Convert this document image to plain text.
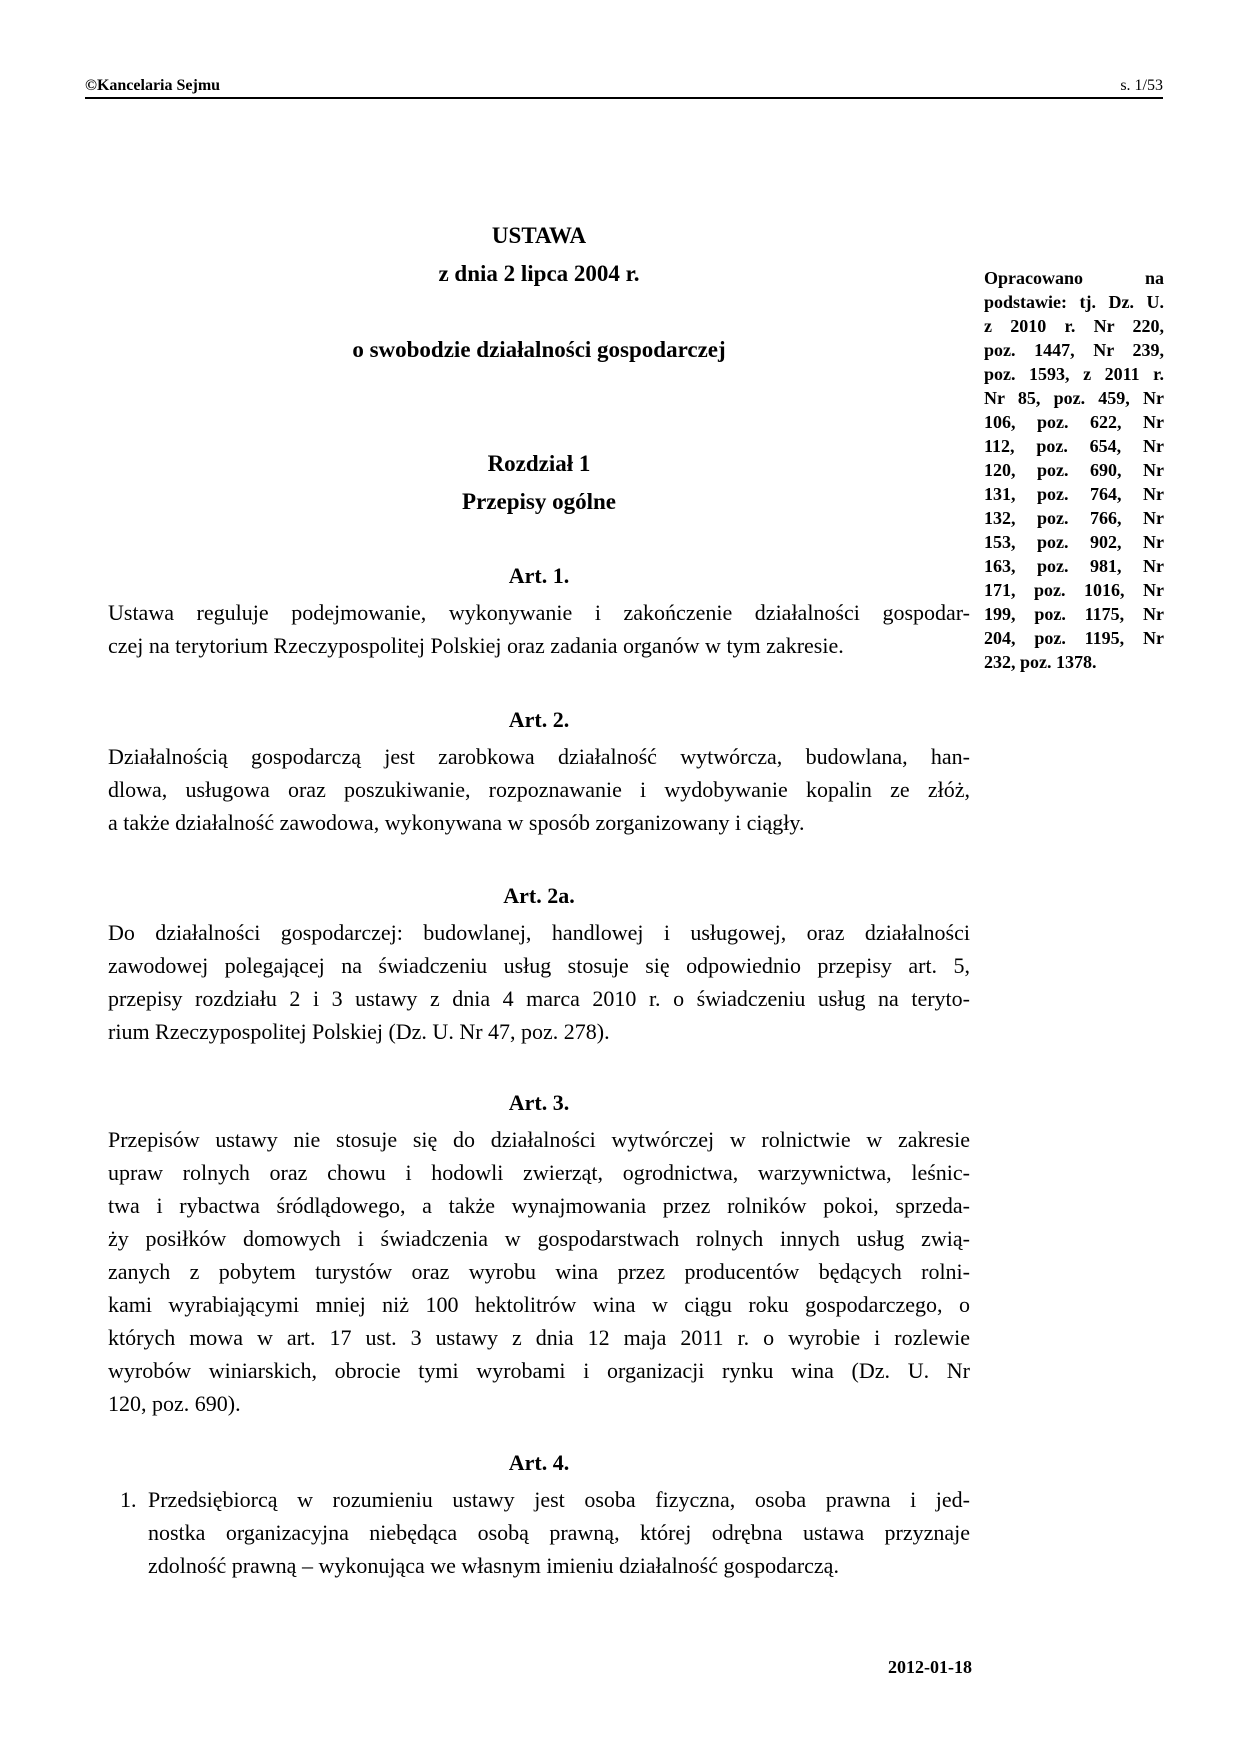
©Kancelaria Sejmu	s. 1/53
USTAWA
z dnia 2 lipca 2004 r.
o swobodzie działalności gospodarczej
Opracowano na
podstawie: tj. Dz. U.
z 2010 r. Nr 220,
poz. 1447, Nr 239,
poz. 1593, z 2011 r.
Nr 85, poz. 459, Nr
106, poz. 622, Nr
112, poz. 654, Nr
120, poz. 690, Nr
131, poz. 764, Nr
132, poz. 766, Nr
153, poz. 902, Nr
163, poz. 981, Nr
171, poz. 1016, Nr
199, poz. 1175, Nr
204, poz. 1195, Nr
232, poz. 1378.
Rozdział 1
Przepisy ogólne
Art. 1.
Ustawa reguluje podejmowanie, wykonywanie i zakończenie działalności gospodar-
czej na terytorium Rzeczypospolitej Polskiej oraz zadania organów w tym zakresie.
Art. 2.
Działalnością gospodarczą jest zarobkowa działalność wytwórcza, budowlana, han-
dlowa, usługowa oraz poszukiwanie, rozpoznawanie i wydobywanie kopalin ze złóż,
a także działalność zawodowa, wykonywana w sposób zorganizowany i ciągły.
Art. 2a.
Do działalności gospodarczej: budowlanej, handlowej i usługowej, oraz działalności
zawodowej polegającej na świadczeniu usług stosuje się odpowiednio przepisy art. 5,
przepisy rozdziału 2 i 3 ustawy z dnia 4 marca 2010 r. o świadczeniu usług na teryto-
rium Rzeczypospolitej Polskiej (Dz. U. Nr 47, poz. 278).
Art. 3.
Przepisów ustawy nie stosuje się do działalności wytwórczej w rolnictwie w zakresie
upraw rolnych oraz chowu i hodowli zwierząt, ogrodnictwa, warzywnictwa, leśnic-
twa i rybactwa śródlądowego, a także wynajmowania przez rolników pokoi, sprzeda-
ży posiłków domowych i świadczenia w gospodarstwach rolnych innych usług zwią-
zanych z pobytem turystów oraz wyrobu wina przez producentów będących rolni-
kami wyrabiającymi mniej niż 100 hektolitrów wina w ciągu roku gospodarczego, o
których mowa w art. 17 ust. 3 ustawy z dnia 12 maja 2011 r. o wyrobie i rozlewie
wyrobów winiarskich, obrocie tymi wyrobami i organizacji rynku wina (Dz. U. Nr
120, poz. 690).
Art. 4.
1. Przedsiębiorcą w rozumieniu ustawy jest osoba fizyczna, osoba prawna i jed-
nostka organizacyjna niebędąca osobą prawną, której odrębna ustawa przyznaje
zdolność prawną – wykonująca we własnym imieniu działalność gospodarczą.
2012-01-18
